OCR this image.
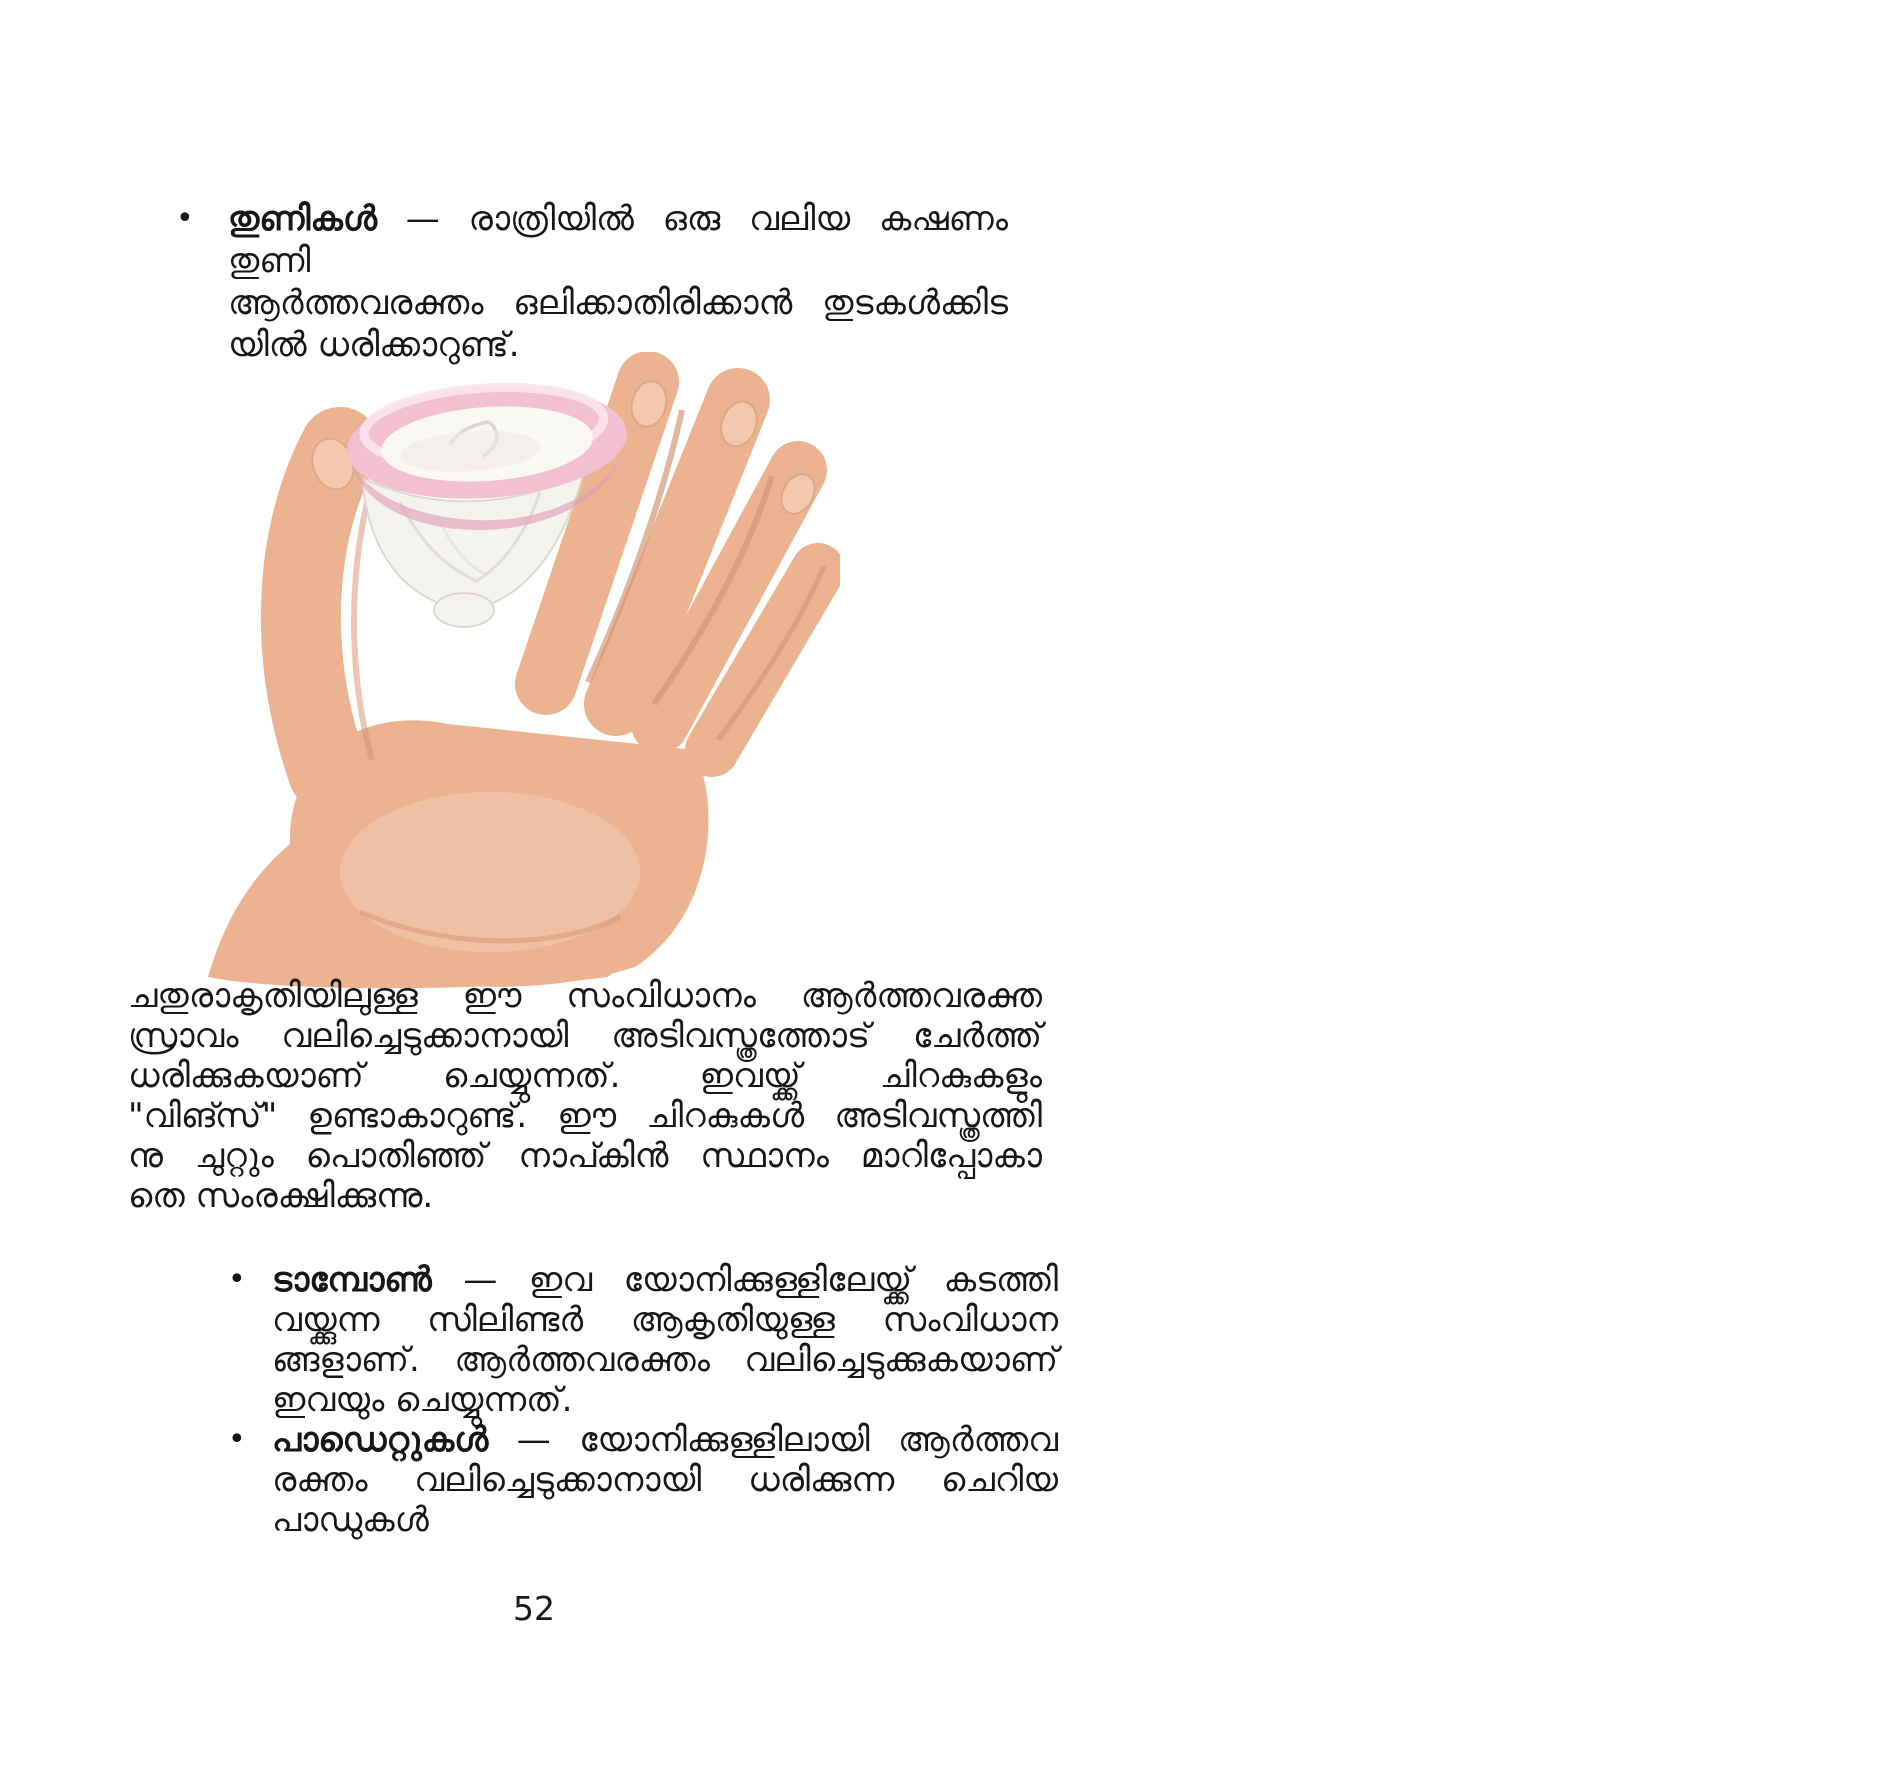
•	തുണികൾ — രാത്രിയിൽ ഒരു വലിയ കഷണം തുണി
ആർത്തവരക്തം ഒലിക്കാതിരിക്കാൻ തുടകൾക്കിട
യിൽ ധരിക്കാറുണ്ട്.
ചതുരാകൃതിയിലുള്ള ഈ സംവിധാനം ആർത്തവരക്ത
സ്രാവം വലിച്ചെടുക്കാനായി അടിവസ്ത്രത്തോട് ചേർത്ത്
ധരിക്കുകയാണ് ചെയ്യുന്നത്. ഇവയ്ക്ക് ചിറകുകളും
"വിങ്സ്" ഉണ്ടാകാറുണ്ട്. ഈ ചിറകുകൾ അടിവസ്ത്രത്തി
നു ചുറ്റും പൊതിഞ്ഞ് നാപ്കിൻ സ്ഥാനം മാറിപ്പോകാ
തെ സംരക്ഷിക്കുന്നു.
• ടാമ്പോൺ — ഇവ യോനിക്കുള്ളിലേയ്ക്ക് കടത്തി
വയ്ക്കുന്ന സിലിണ്ടർ ആകൃതിയുള്ള സംവിധാന
ങ്ങളാണ്. ആർത്തവരക്തം വലിച്ചെടുക്കുകയാണ്
ഇവയും ചെയ്യുന്നത്.
• പാഡെറ്റുകൾ — യോനിക്കുള്ളിലായി ആർത്തവ
രക്തം വലിച്ചെടുക്കാനായി ധരിക്കുന്ന ചെറിയ
പാഡുകൾ
52
